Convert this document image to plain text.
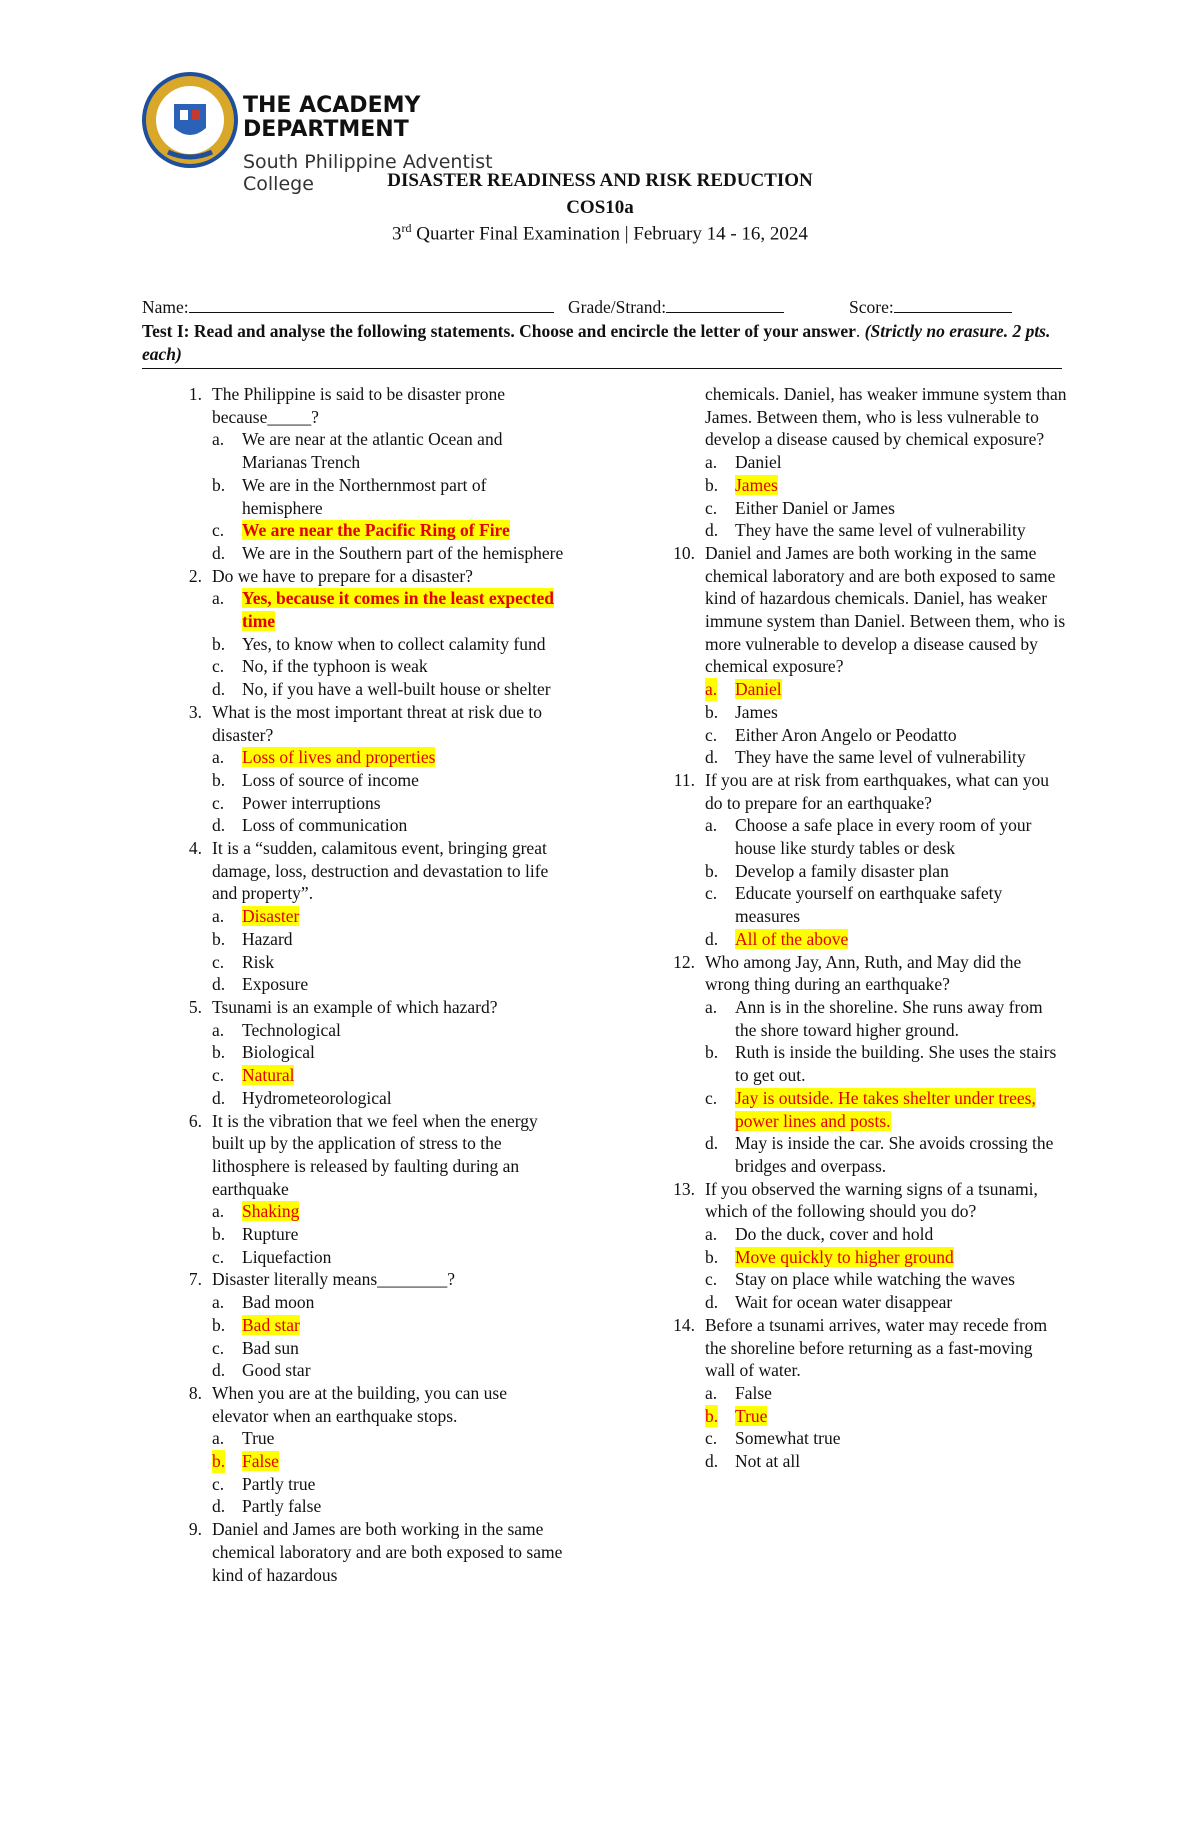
THE ACADEMY
DEPARTMENT
South Philippine Adventist
College	DISASTER READINESS AND RISK REDUCTION
COS10a
3rd Quarter Final Examination | February 14 - 16, 2024
Name:	Grade/Strand:	Score:
Test I: Read and analyse the following statements. Choose and encircle the letter of your answer. (Strictly no erasure. 2 pts. each)
1. The Philippine is said to be disaster prone because_____?
a. We are near at the atlantic Ocean and Marianas Trench
b. We are in the Northernmost part of hemisphere
c. We are near the Pacific Ring of Fire
d. We are in the Southern part of the hemisphere
2. Do we have to prepare for a disaster?
a. Yes, because it comes in the least expected time
b. Yes, to know when to collect calamity fund
c. No, if the typhoon is weak
d. No, if you have a well-built house or shelter
3. What is the most important threat at risk due to disaster?
a. Loss of lives and properties
b. Loss of source of income
c. Power interruptions
d. Loss of communication
4. It is a “sudden, calamitous event, bringing great damage, loss, destruction and devastation to life and property”.
a. Disaster
b. Hazard
c. Risk
d. Exposure
5. Tsunami is an example of which hazard?
a. Technological
b. Biological
c. Natural
d. Hydrometeorological
6. It is the vibration that we feel when the energy built up by the application of stress to the lithosphere is released by faulting during an earthquake
a. Shaking
b. Rupture
c. Liquefaction
7. Disaster literally means________?
a. Bad moon
b. Bad star
c. Bad sun
d. Good star
8. When you are at the building, you can use elevator when an earthquake stops.
a. True
b. False
c. Partly true
d. Partly false
9. Daniel and James are both working in the same chemical laboratory and are both exposed to same kind of hazardous
chemicals. Daniel, has weaker immune system than James. Between them, who is less vulnerable to develop a disease caused by chemical exposure?
a. Daniel
b. James
c. Either Daniel or James
d. They have the same level of vulnerability
10. Daniel and James are both working in the same chemical laboratory and are both exposed to same kind of hazardous chemicals. Daniel, has weaker immune system than Daniel. Between them, who is more vulnerable to develop a disease caused by chemical exposure?
a. Daniel
b. James
c. Either Aron Angelo or Peodatto
d. They have the same level of vulnerability
11. If you are at risk from earthquakes, what can you do to prepare for an earthquake?
a. Choose a safe place in every room of your house like sturdy tables or desk
b. Develop a family disaster plan
c. Educate yourself on earthquake safety measures
d. All of the above
12. Who among Jay, Ann, Ruth, and May did the wrong thing during an earthquake?
a. Ann is in the shoreline. She runs away from the shore toward higher ground.
b. Ruth is inside the building. She uses the stairs to get out.
c. Jay is outside. He takes shelter under trees, power lines and posts.
d. May is inside the car. She avoids crossing the bridges and overpass.
13. If you observed the warning signs of a tsunami, which of the following should you do?
a. Do the duck, cover and hold
b. Move quickly to higher ground
c. Stay on place while watching the waves
d. Wait for ocean water disappear
14. Before a tsunami arrives, water may recede from the shoreline before returning as a fast-moving wall of water.
a. False
b. True
c. Somewhat true
d. Not at all
